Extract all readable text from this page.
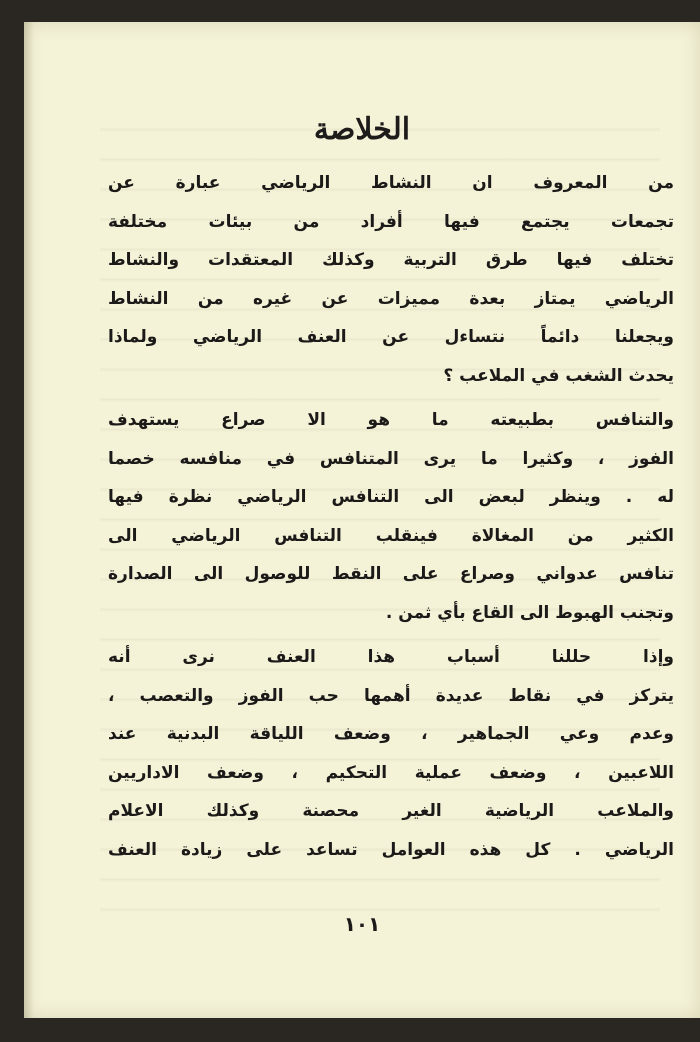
الخلاصة
من المعروف ان النشاط الرياضي عبارة عن
تجمعات يجتمع فيها أفراد من بيئات مختلفة
تختلف فيها طرق التربية وكذلك المعتقدات والنشاط
الرياضي يمتاز بعدة مميزات عن غيره من النشاط
ويجعلنا دائماً نتساءل عن العنف الرياضي ولماذا
يحدث الشغب في الملاعب ؟
والتنافس بطبيعته ما هو الا صراع يستهدف
الفوز ، وكثيرا ما يرى المتنافس في منافسه خصما
له . وينظر لبعض الى التنافس الرياضي نظرة فيها
الكثير من المغالاة فينقلب التنافس الرياضي الى
تنافس عدواني وصراع على النقط للوصول الى الصدارة
وتجنب الهبوط الى القاع بأي ثمن .
وإذا حللنا أسباب هذا العنف نرى أنه
يتركز في نقاط عديدة أهمها حب الفوز والتعصب ،
وعدم وعي الجماهير ، وضعف اللياقة البدنية عند
اللاعبين ، وضعف عملية التحكيم ، وضعف الاداريين
والملاعب الرياضية الغير محصنة وكذلك الاعلام
الرياضي . كل هذه العوامل تساعد على زيادة العنف
١٠١
